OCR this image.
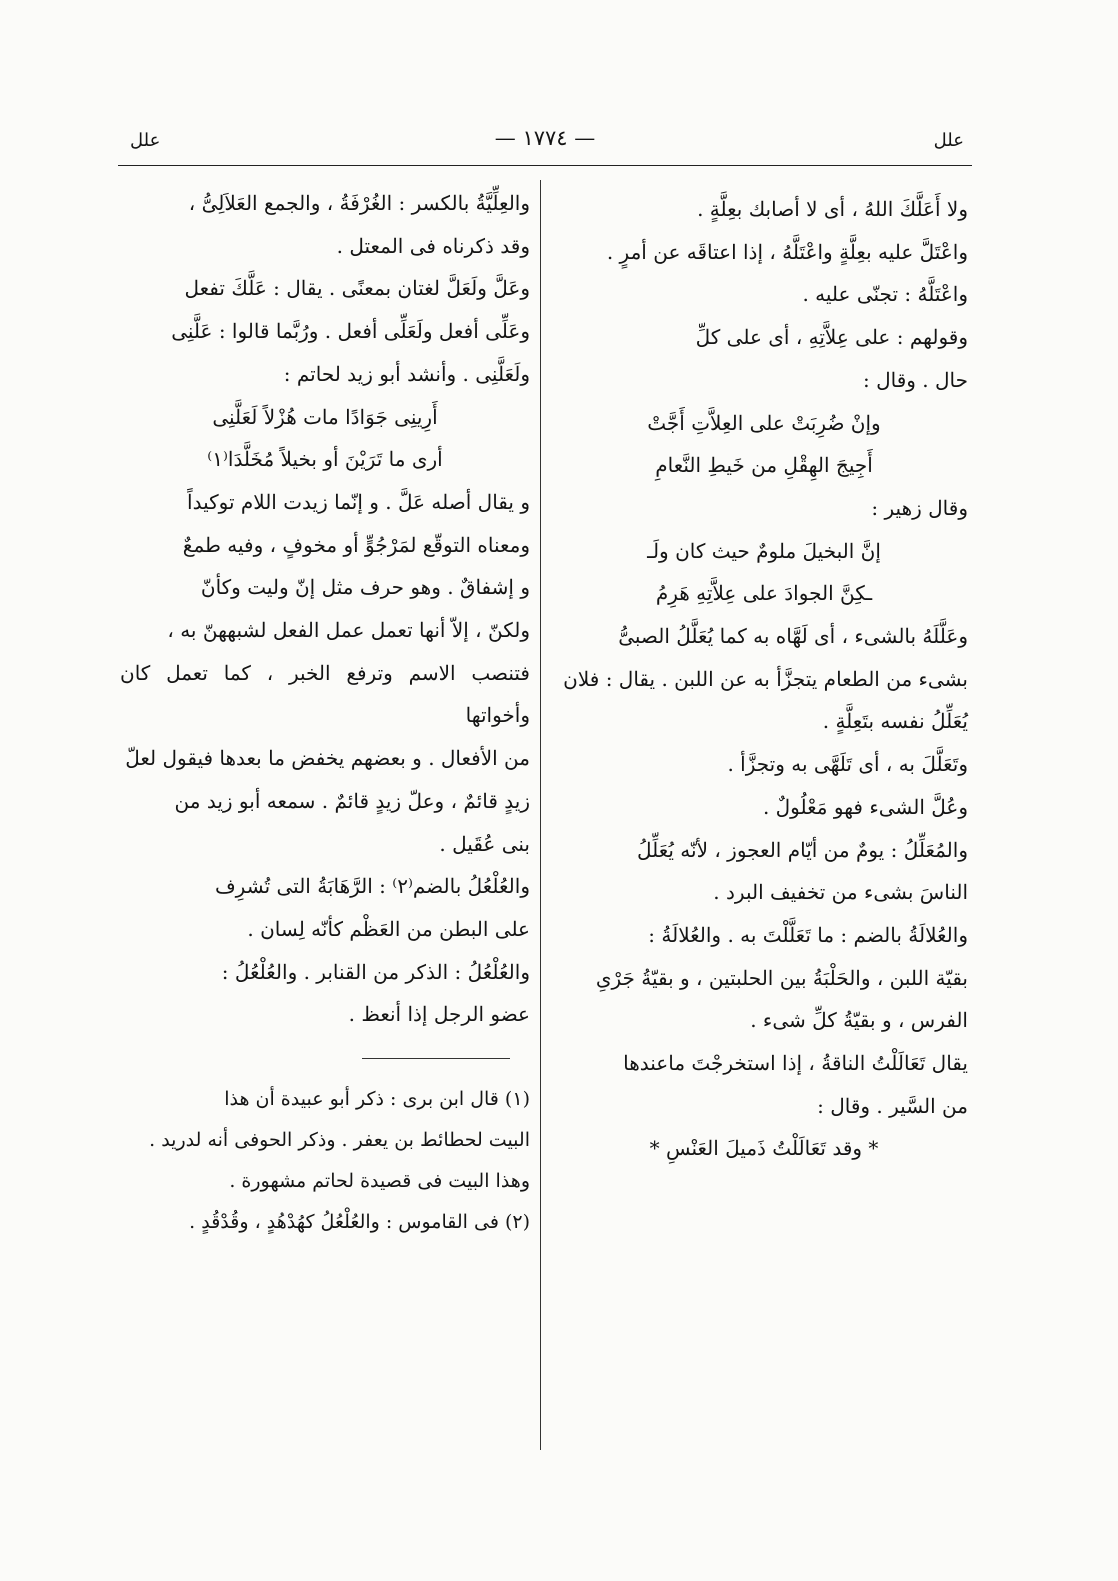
علل
— ١٧٧٤ —
علل

ولا أَعَلَّكَ اللهُ ، أى لا أصابك بعِلَّةٍ .

واعْتَلَّ عليه بعِلَّةٍ واعْتَلَّهُ ، إذا اعتاقَه عن أمرٍ .

واعْتَلَّهُ : تجنّى عليه .

وقولهم : على عِلاَّتِهِ ، أى على كلِّ

حال . وقال :

وإنْ ضُرِبَتْ على العِلاَّتِ أَجَّتْ

أَجِيجَ الهِقْلِ من خَيطِ النَّعامِ

وقال زهير :

إنَّ البخيلَ ملومٌ حيث كان ولَـ

ـكِنَّ الجوادَ على عِلاَّتِهِ هَرِمُ

وعَلَّلَهُ بالشىء ، أى لَهَّاه به كما يُعَلَّلُ الصبىُّ

بشىء من الطعام يتجزَّأ به عن اللبن . يقال : فلان

يُعَلِّلُ نفسه بتَعِلَّةٍ .

وتَعَلَّلَ به ، أى تَلَهَّى به وتجزَّأ .

وعُلَّ الشىء فهو مَعْلُولٌ .

والمُعَلِّلُ : يومٌ من أيّام العجوز ، لأنّه يُعَلِّلُ

الناسَ بشىء من تخفيف البرد .

والعُلالَةُ بالضم : ما تَعَلَّلْتَ به . والعُلالَةُ :

بقيّة اللبن ، والحَلْبَةُ بين الحلبتين ، و بقيّةُ جَرْىِ

الفرس ، و بقيّةُ كلِّ شىء .

يقال تَعَالَلْتُ الناقةُ ، إذا استخرجْتَ ماعندها

من السَّير . وقال :

* وقد تَعَالَلْتُ ذَميلَ العَنْسِ *

والعِلِّيَّةُ بالكسر : الغُرْفَةُ ، والجمع العَلاَلِىُّ ،

وقد ذكرناه فى المعتل .

وعَلَّ ولَعَلَّ لغتان بمعنًى . يقال : عَلَّكَ تفعل

وعَلِّى أفعل ولَعَلِّى أفعل . ورُبَّما قالوا : عَلَّنِى

ولَعَلَّنِى . وأنشد أبو زيد لحاتم :

أَرِينِى جَوَادًا مات هُزْلاً لَعَلَّنِى

أرى ما تَرَيْنَ أو بخيلاً مُخَلَّدَا⁽١⁾

و يقال أصله عَلَّ . و إنّما زيدت اللام توكيداً

ومعناه التوقّع لمَرْجُوٍّ أو مخوفٍ ، وفيه طمعٌ

و إشفاقٌ . وهو حرف مثل إنّ وليت وكأنّ

ولكنّ ، إلاّ أنها تعمل عمل الفعل لشبههنّ به ،

فتنصب الاسم وترفع الخبر ، كما تعمل كان وأخواتها

من الأفعال . و بعضهم يخفض ما بعدها فيقول لعلّ

زيدٍ قائمٌ ، وعلّ زيدٍ قائمٌ . سمعه أبو زيد من

بنى عُقَيل .

والعُلْعُلُ بالضم⁽٢⁾ : الرَّهَابَةُ التى تُشرِف

على البطن من العَظْم كأنّه لِسان .

والعُلْعُلُ : الذكر من القنابر . والعُلْعُلُ :

عضو الرجل إذا أنعظ .

(١) قال ابن برى : ذكر أبو عبيدة أن هذا

البيت لحطائط بن يعفر . وذكر الحوفى أنه لدريد .

وهذا البيت فى قصيدة لحاتم مشهورة .

(٢) فى القاموس : والعُلْعُلُ كهُدْهُدٍ ، وقُدْقُدٍ .
